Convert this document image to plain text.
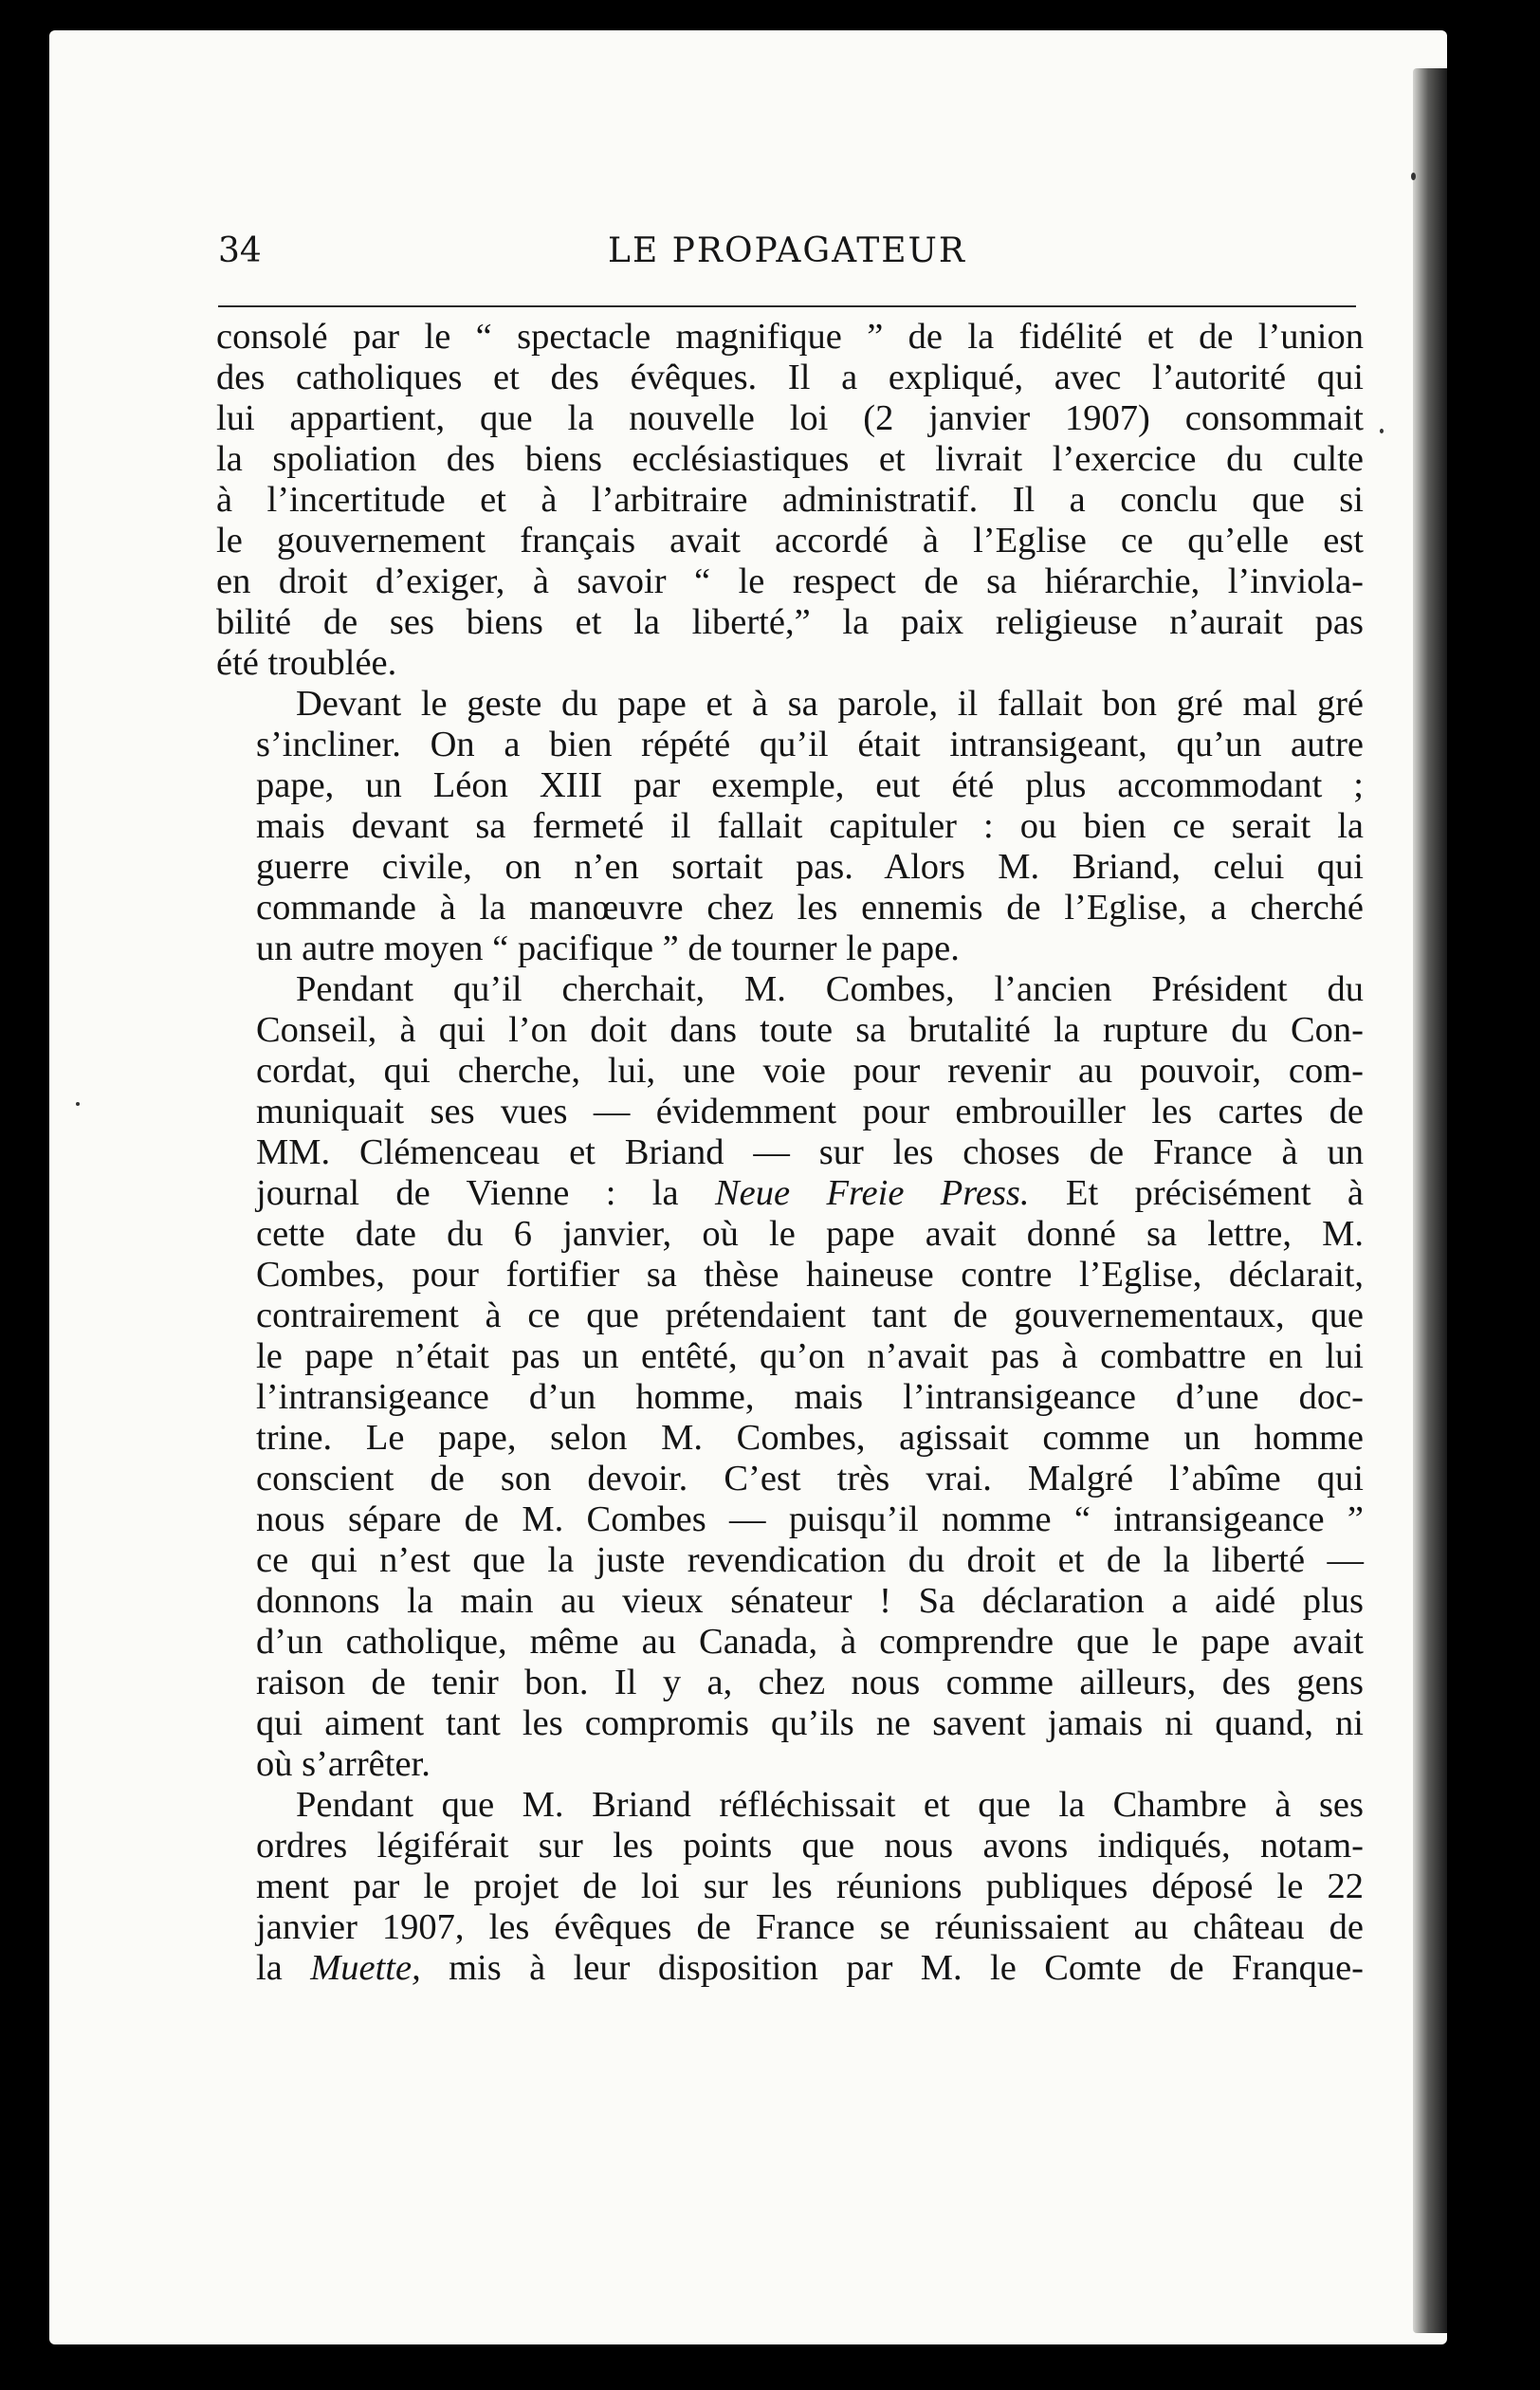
34	LE PROPAGATEUR
consolé par le “ spectacle magnifique ” de la fidélité et de l’union
des catholiques et des évêques. Il a expliqué, avec l’autorité qui
lui appartient, que la nouvelle loi (2 janvier 1907) consommait
la spoliation des biens ecclésiastiques et livrait l’exercice du culte
à l’incertitude et à l’arbitraire administratif. Il a conclu que si
le gouvernement français avait accordé à l’Eglise ce qu’elle est
en droit d’exiger, à savoir “ le respect de sa hiérarchie, l’inviola-
bilité de ses biens et la liberté,” la paix religieuse n’aurait pas
été troublée.
Devant le geste du pape et à sa parole, il fallait bon gré mal gré
s’incliner. On a bien répété qu’il était intransigeant, qu’un autre
pape, un Léon XIII par exemple, eut été plus accommodant ;
mais devant sa fermeté il fallait capituler : ou bien ce serait la
guerre civile, on n’en sortait pas. Alors M. Briand, celui qui
commande à la manœuvre chez les ennemis de l’Eglise, a cherché
un autre moyen “ pacifique ” de tourner le pape.
Pendant qu’il cherchait, M. Combes, l’ancien Président du
Conseil, à qui l’on doit dans toute sa brutalité la rupture du Con-
cordat, qui cherche, lui, une voie pour revenir au pouvoir, com-
muniquait ses vues — évidemment pour embrouiller les cartes de
MM. Clémenceau et Briand — sur les choses de France à un
journal de Vienne : la Neue Freie Press. Et précisément à
cette date du 6 janvier, où le pape avait donné sa lettre, M.
Combes, pour fortifier sa thèse haineuse contre l’Eglise, déclarait,
contrairement à ce que prétendaient tant de gouvernementaux, que
le pape n’était pas un entêté, qu’on n’avait pas à combattre en lui
l’intransigeance d’un homme, mais l’intransigeance d’une doc-
trine. Le pape, selon M. Combes, agissait comme un homme
conscient de son devoir. C’est très vrai. Malgré l’abîme qui
nous sépare de M. Combes — puisqu’il nomme “ intransigeance ”
ce qui n’est que la juste revendication du droit et de la liberté —
donnons la main au vieux sénateur ! Sa déclaration a aidé plus
d’un catholique, même au Canada, à comprendre que le pape avait
raison de tenir bon. Il y a, chez nous comme ailleurs, des gens
qui aiment tant les compromis qu’ils ne savent jamais ni quand, ni
où s’arrêter.
Pendant que M. Briand réfléchissait et que la Chambre à ses
ordres légiférait sur les points que nous avons indiqués, notam-
ment par le projet de loi sur les réunions publiques déposé le 22
janvier 1907, les évêques de France se réunissaient au château de
la Muette, mis à leur disposition par M. le Comte de Franque-
